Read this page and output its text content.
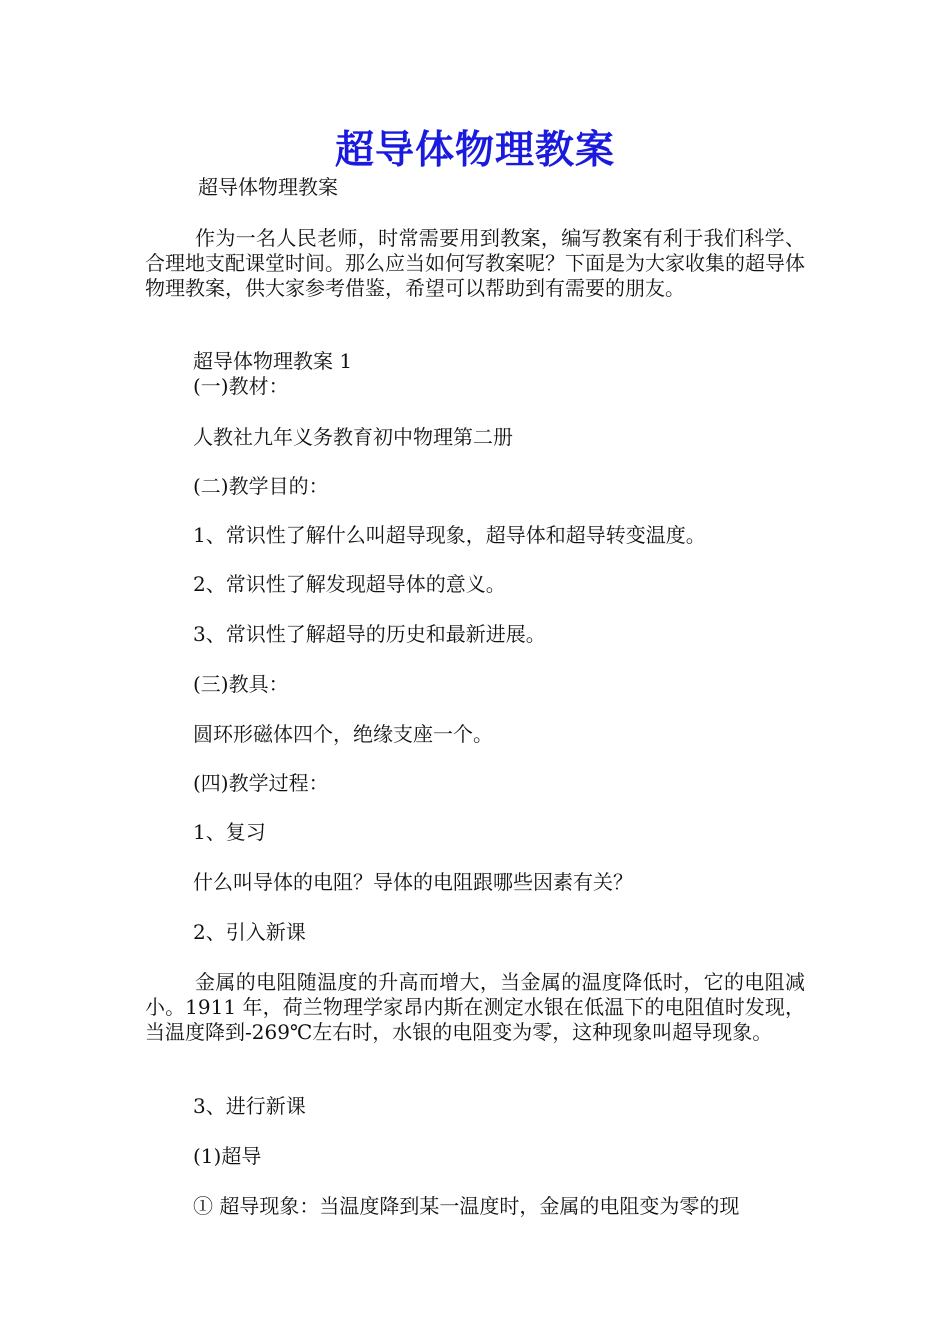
超导体物理教案
超导体物理教案
作为一名人民老师，时常需要用到教案，编写教案有利于我们科学、合理地支配课堂时间。那么应当如何写教案呢？下面是为大家收集的超导体物理教案，供大家参考借鉴，希望可以帮助到有需要的朋友。
超导体物理教案 1
(一)教材：
人教社九年义务教育初中物理第二册
(二)教学目的：
1、常识性了解什么叫超导现象，超导体和超导转变温度。
2、常识性了解发现超导体的意义。
3、常识性了解超导的历史和最新进展。
(三)教具：
圆环形磁体四个，绝缘支座一个。
(四)教学过程：
1、复习
什么叫导体的电阻？导体的电阻跟哪些因素有关？
2、引入新课
金属的电阻随温度的升高而增大，当金属的温度降低时，它的电阻减小。1911 年，荷兰物理学家昂内斯在测定水银在低温下的电阻值时发现，当温度降到-269℃左右时，水银的电阻变为零，这种现象叫超导现象。
3、进行新课
(1)超导
① 超导现象：当温度降到某一温度时，金属的电阻变为零的现
